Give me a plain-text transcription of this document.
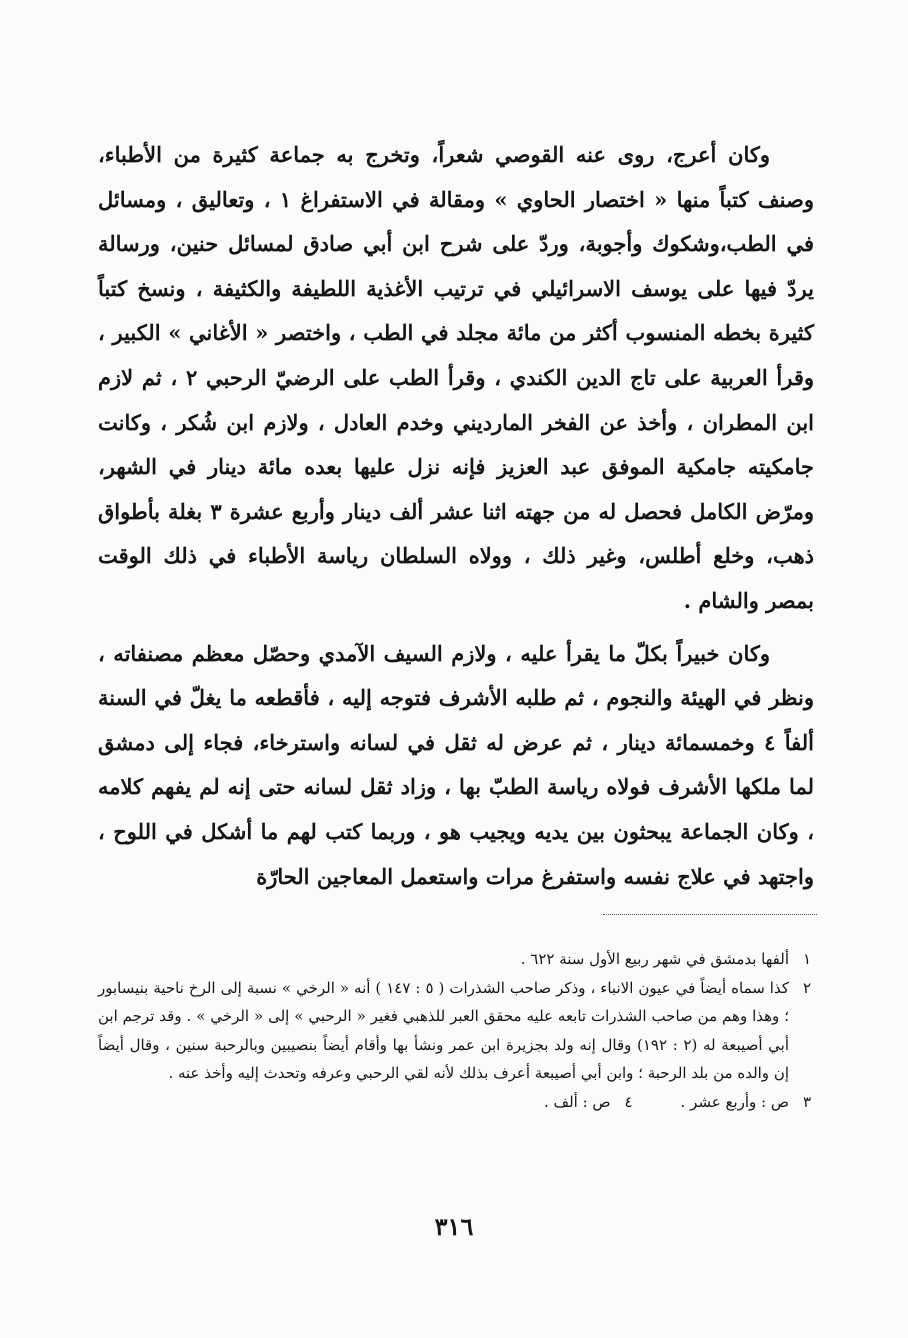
وكان أعرج، روى عنه القوصي شعراً، وتخرج به جماعة كثيرة من الأطباء، وصنف كتباً منها « اختصار الحاوي » ومقالة في الاستفراغ ١ ، وتعاليق ، ومسائل في الطب،وشكوك وأجوبة، وردّ على شرح ابن أبي صادق لمسائل حنين، ورسالة يردّ فيها على يوسف الاسرائيلي في ترتيب الأغذية اللطيفة والكثيفة ، ونسخ كتباً كثيرة بخطه المنسوب أكثر من مائة مجلد في الطب ، واختصر « الأغاني » الكبير ، وقرأ العربية على تاج الدين الكندي ، وقرأ الطب على الرضيّ الرحبي ٢ ، ثم لازم ابن المطران ، وأخذ عن الفخر المارديني وخدم العادل ، ولازم ابن شُكر ، وكانت جامكيته جامكية الموفق عبد العزيز فإنه نزل عليها بعده مائة دينار في الشهر، ومرّض الكامل فحصل له من جهته اثنا عشر ألف دينار وأربع عشرة ٣ بغلة بأطواق ذهب، وخلع أطلس، وغير ذلك ، وولاه السلطان رياسة الأطباء في ذلك الوقت بمصر والشام .

وكان خبيراً بكلّ ما يقرأ عليه ، ولازم السيف الآمدي وحصّل معظم مصنفاته ، ونظر في الهيئة والنجوم ، ثم طلبه الأشرف فتوجه إليه ، فأقطعه ما يغلّ في السنة ألفاً ٤ وخمسمائة دينار ، ثم عرض له ثقل في لسانه واسترخاء، فجاء إلى دمشق لما ملكها الأشرف فولاه رياسة الطبّ بها ، وزاد ثقل لسانه حتى إنه لم يفهم كلامه ، وكان الجماعة يبحثون بين يديه ويجيب هو ، وربما كتب لهم ما أشكل في اللوح ، واجتهد في علاج نفسه واستفرغ مرات واستعمل المعاجين الحارّة

١
ألفها بدمشق في شهر ربيع الأول سنة ٦٢٢ .
٢
كذا سماه أيضاً في عيون الانباء ، وذكر صاحب الشذرات ( ٥ : ١٤٧ ) أنه « الرخي » نسبة إلى الرخ ناحية بنيسابور ؛ وهذا وهم من صاحب الشذرات تابعه عليه محقق العبر للذهبي فغير « الرحبي » إلى « الرخي » . وقد ترجم ابن أبي أصيبعة له (٢ : ١٩٢) وقال إنه ولد بجزيرة ابن عمر ونشأ بها وأقام أيضاً بنصيبين وبالرحبة سنين ، وقال أيضاً إن والده من بلد الرحبة ؛ وابن أبي أصيبعة أعرف بذلك لأنه لقي الرحبي وعرفه وتحدث إليه وأخذ عنه .
٣
ص : وأربع عشر .
٤
ص : ألف .
٣١٦
